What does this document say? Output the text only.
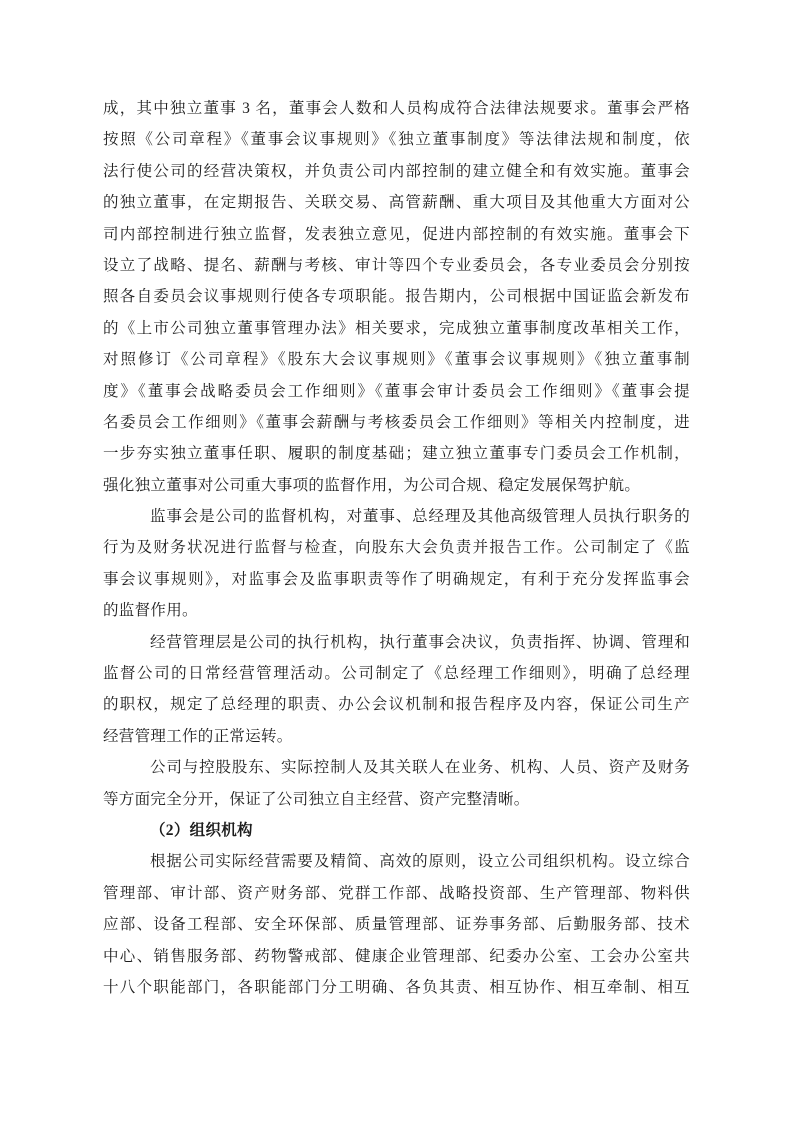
成，其中独立董事 3 名，董事会人数和人员构成符合法律法规要求。董事会严格
按照《公司章程》《董事会议事规则》《独立董事制度》等法律法规和制度，依
法行使公司的经营决策权，并负责公司内部控制的建立健全和有效实施。董事会
的独立董事，在定期报告、关联交易、高管薪酬、重大项目及其他重大方面对公
司内部控制进行独立监督，发表独立意见，促进内部控制的有效实施。董事会下
设立了战略、提名、薪酬与考核、审计等四个专业委员会，各专业委员会分别按
照各自委员会议事规则行使各专项职能。报告期内，公司根据中国证监会新发布
的《上市公司独立董事管理办法》相关要求，完成独立董事制度改革相关工作，
对照修订《公司章程》《股东大会议事规则》《董事会议事规则》《独立董事制
度》《董事会战略委员会工作细则》《董事会审计委员会工作细则》《董事会提
名委员会工作细则》《董事会薪酬与考核委员会工作细则》等相关内控制度，进
一步夯实独立董事任职、履职的制度基础；建立独立董事专门委员会工作机制，
强化独立董事对公司重大事项的监督作用，为公司合规、稳定发展保驾护航。
监事会是公司的监督机构，对董事、总经理及其他高级管理人员执行职务的
行为及财务状况进行监督与检查，向股东大会负责并报告工作。公司制定了《监
事会议事规则》，对监事会及监事职责等作了明确规定，有利于充分发挥监事会
的监督作用。
经营管理层是公司的执行机构，执行董事会决议，负责指挥、协调、管理和
监督公司的日常经营管理活动。公司制定了《总经理工作细则》，明确了总经理
的职权，规定了总经理的职责、办公会议机制和报告程序及内容，保证公司生产
经营管理工作的正常运转。
公司与控股股东、实际控制人及其关联人在业务、机构、人员、资产及财务
等方面完全分开，保证了公司独立自主经营、资产完整清晰。
（2）组织机构
根据公司实际经营需要及精简、高效的原则，设立公司组织机构。设立综合
管理部、审计部、资产财务部、党群工作部、战略投资部、生产管理部、物料供
应部、设备工程部、安全环保部、质量管理部、证券事务部、后勤服务部、技术
中心、销售服务部、药物警戒部、健康企业管理部、纪委办公室、工会办公室共
十八个职能部门，各职能部门分工明确、各负其责、相互协作、相互牵制、相互
